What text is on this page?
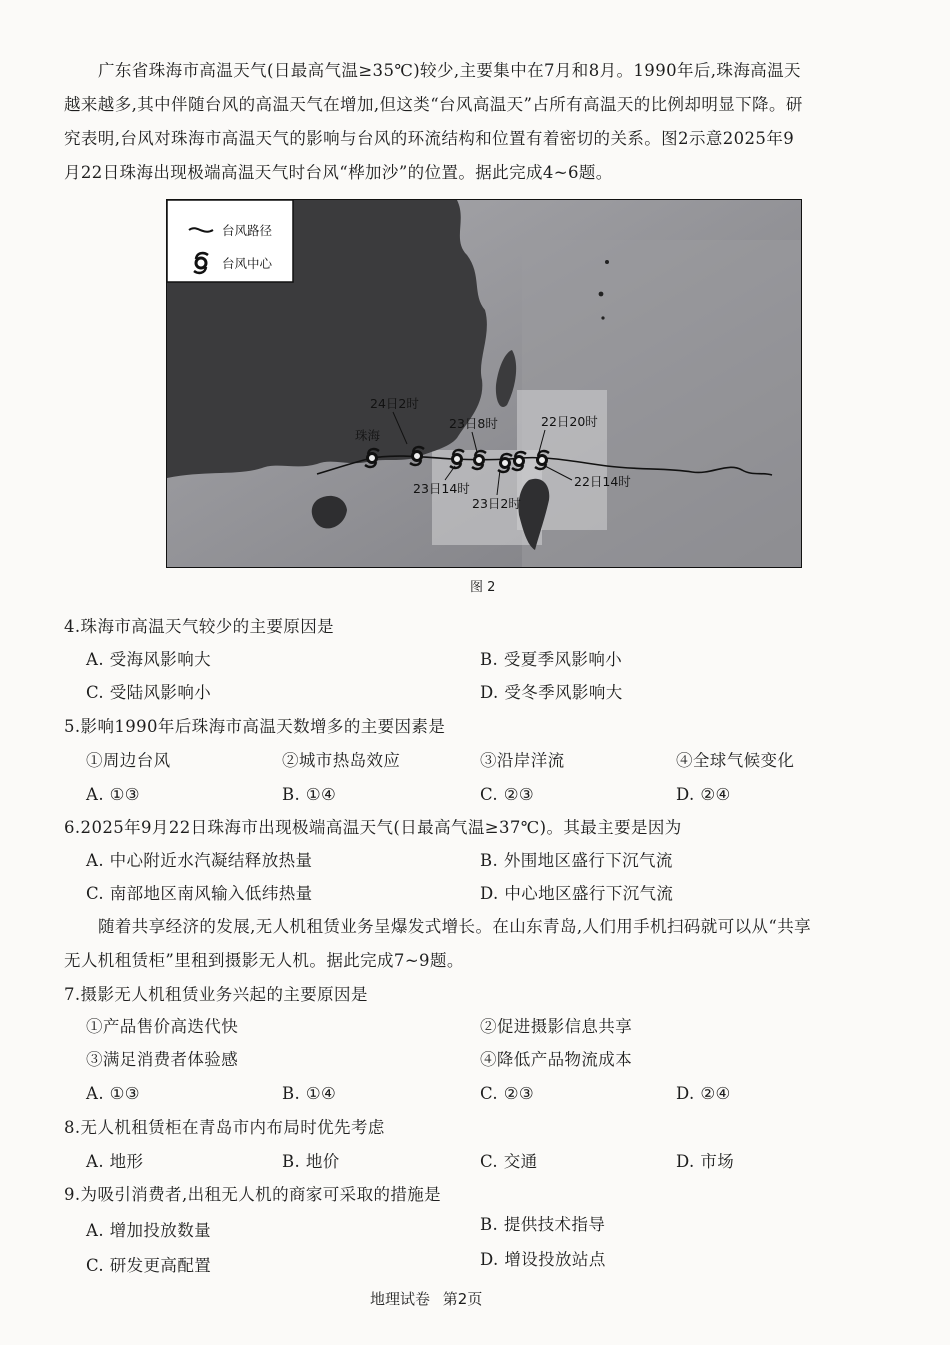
广东省珠海市高温天气(日最高气温≥35℃)较少,主要集中在7月和8月。1990年后,珠海高温天
越来越多,其中伴随台风的高温天气在增加,但这类“台风高温天”占所有高温天的比例却明显下降。研
究表明,台风对珠海市高温天气的影响与台风的环流结构和位置有着密切的关系。图2示意2025年9
月22日珠海出现极端高温天气时台风“桦加沙”的位置。据此完成4~6题。
台风路径
台风中心
珠海
24日2时
23日8时	22日20时
23日14时
23日2时
22日14时
图 2
4.珠海市高温天气较少的主要原因是
A. 受海风影响大	B. 受夏季风影响小
C. 受陆风影响小	D. 受冬季风影响大
5.影响1990年后珠海市高温天数增多的主要因素是
①周边台风	②城市热岛效应	③沿岸洋流	④全球气候变化
A. ①③	B. ①④	C. ②③	D. ②④
6.2025年9月22日珠海市出现极端高温天气(日最高气温≥37℃)。其最主要是因为
A. 中心附近水汽凝结释放热量	B. 外围地区盛行下沉气流
C. 南部地区南风输入低纬热量	D. 中心地区盛行下沉气流
随着共享经济的发展,无人机租赁业务呈爆发式增长。在山东青岛,人们用手机扫码就可以从“共享
无人机租赁柜”里租到摄影无人机。据此完成7~9题。
7.摄影无人机租赁业务兴起的主要原因是
①产品售价高迭代快	②促进摄影信息共享
③满足消费者体验感	④降低产品物流成本
A. ①③	B. ①④	C. ②③	D. ②④
8.无人机租赁柜在青岛市内布局时优先考虑
A. 地形	B. 地价	C. 交通	D. 市场
9.为吸引消费者,出租无人机的商家可采取的措施是
A. 增加投放数量	B. 提供技术指导
C. 研发更高配置	D. 增设投放站点
地理试卷 第2页
